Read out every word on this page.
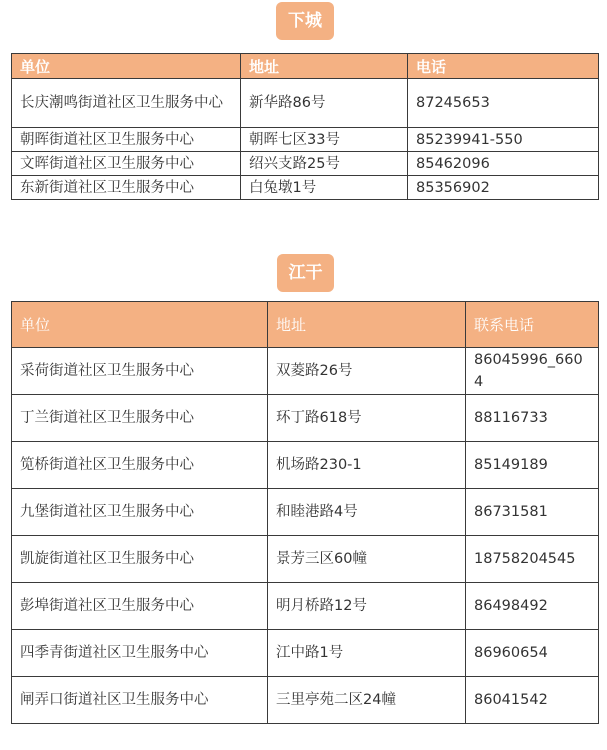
下城
单位	地址	电话
长庆潮鸣街道社区卫生服务中心	新华路86号	87245653
朝晖街道社区卫生服务中心	朝晖七区33号	85239941-550
文晖街道社区卫生服务中心	绍兴支路25号	85462096
东新街道社区卫生服务中心	白兔墩1号	85356902
江干
单位	地址	联系电话
采荷街道社区卫生服务中心	双菱路26号	86045996_6604
丁兰街道社区卫生服务中心	环丁路618号	88116733
笕桥街道社区卫生服务中心	机场路230-1	85149189
九堡街道社区卫生服务中心	和睦港路4号	86731581
凯旋街道社区卫生服务中心	景芳三区60幢	18758204545
彭埠街道社区卫生服务中心	明月桥路12号	86498492
四季青街道社区卫生服务中心	江中路1号	86960654
闸弄口街道社区卫生服务中心	三里亭苑二区24幢	86041542
